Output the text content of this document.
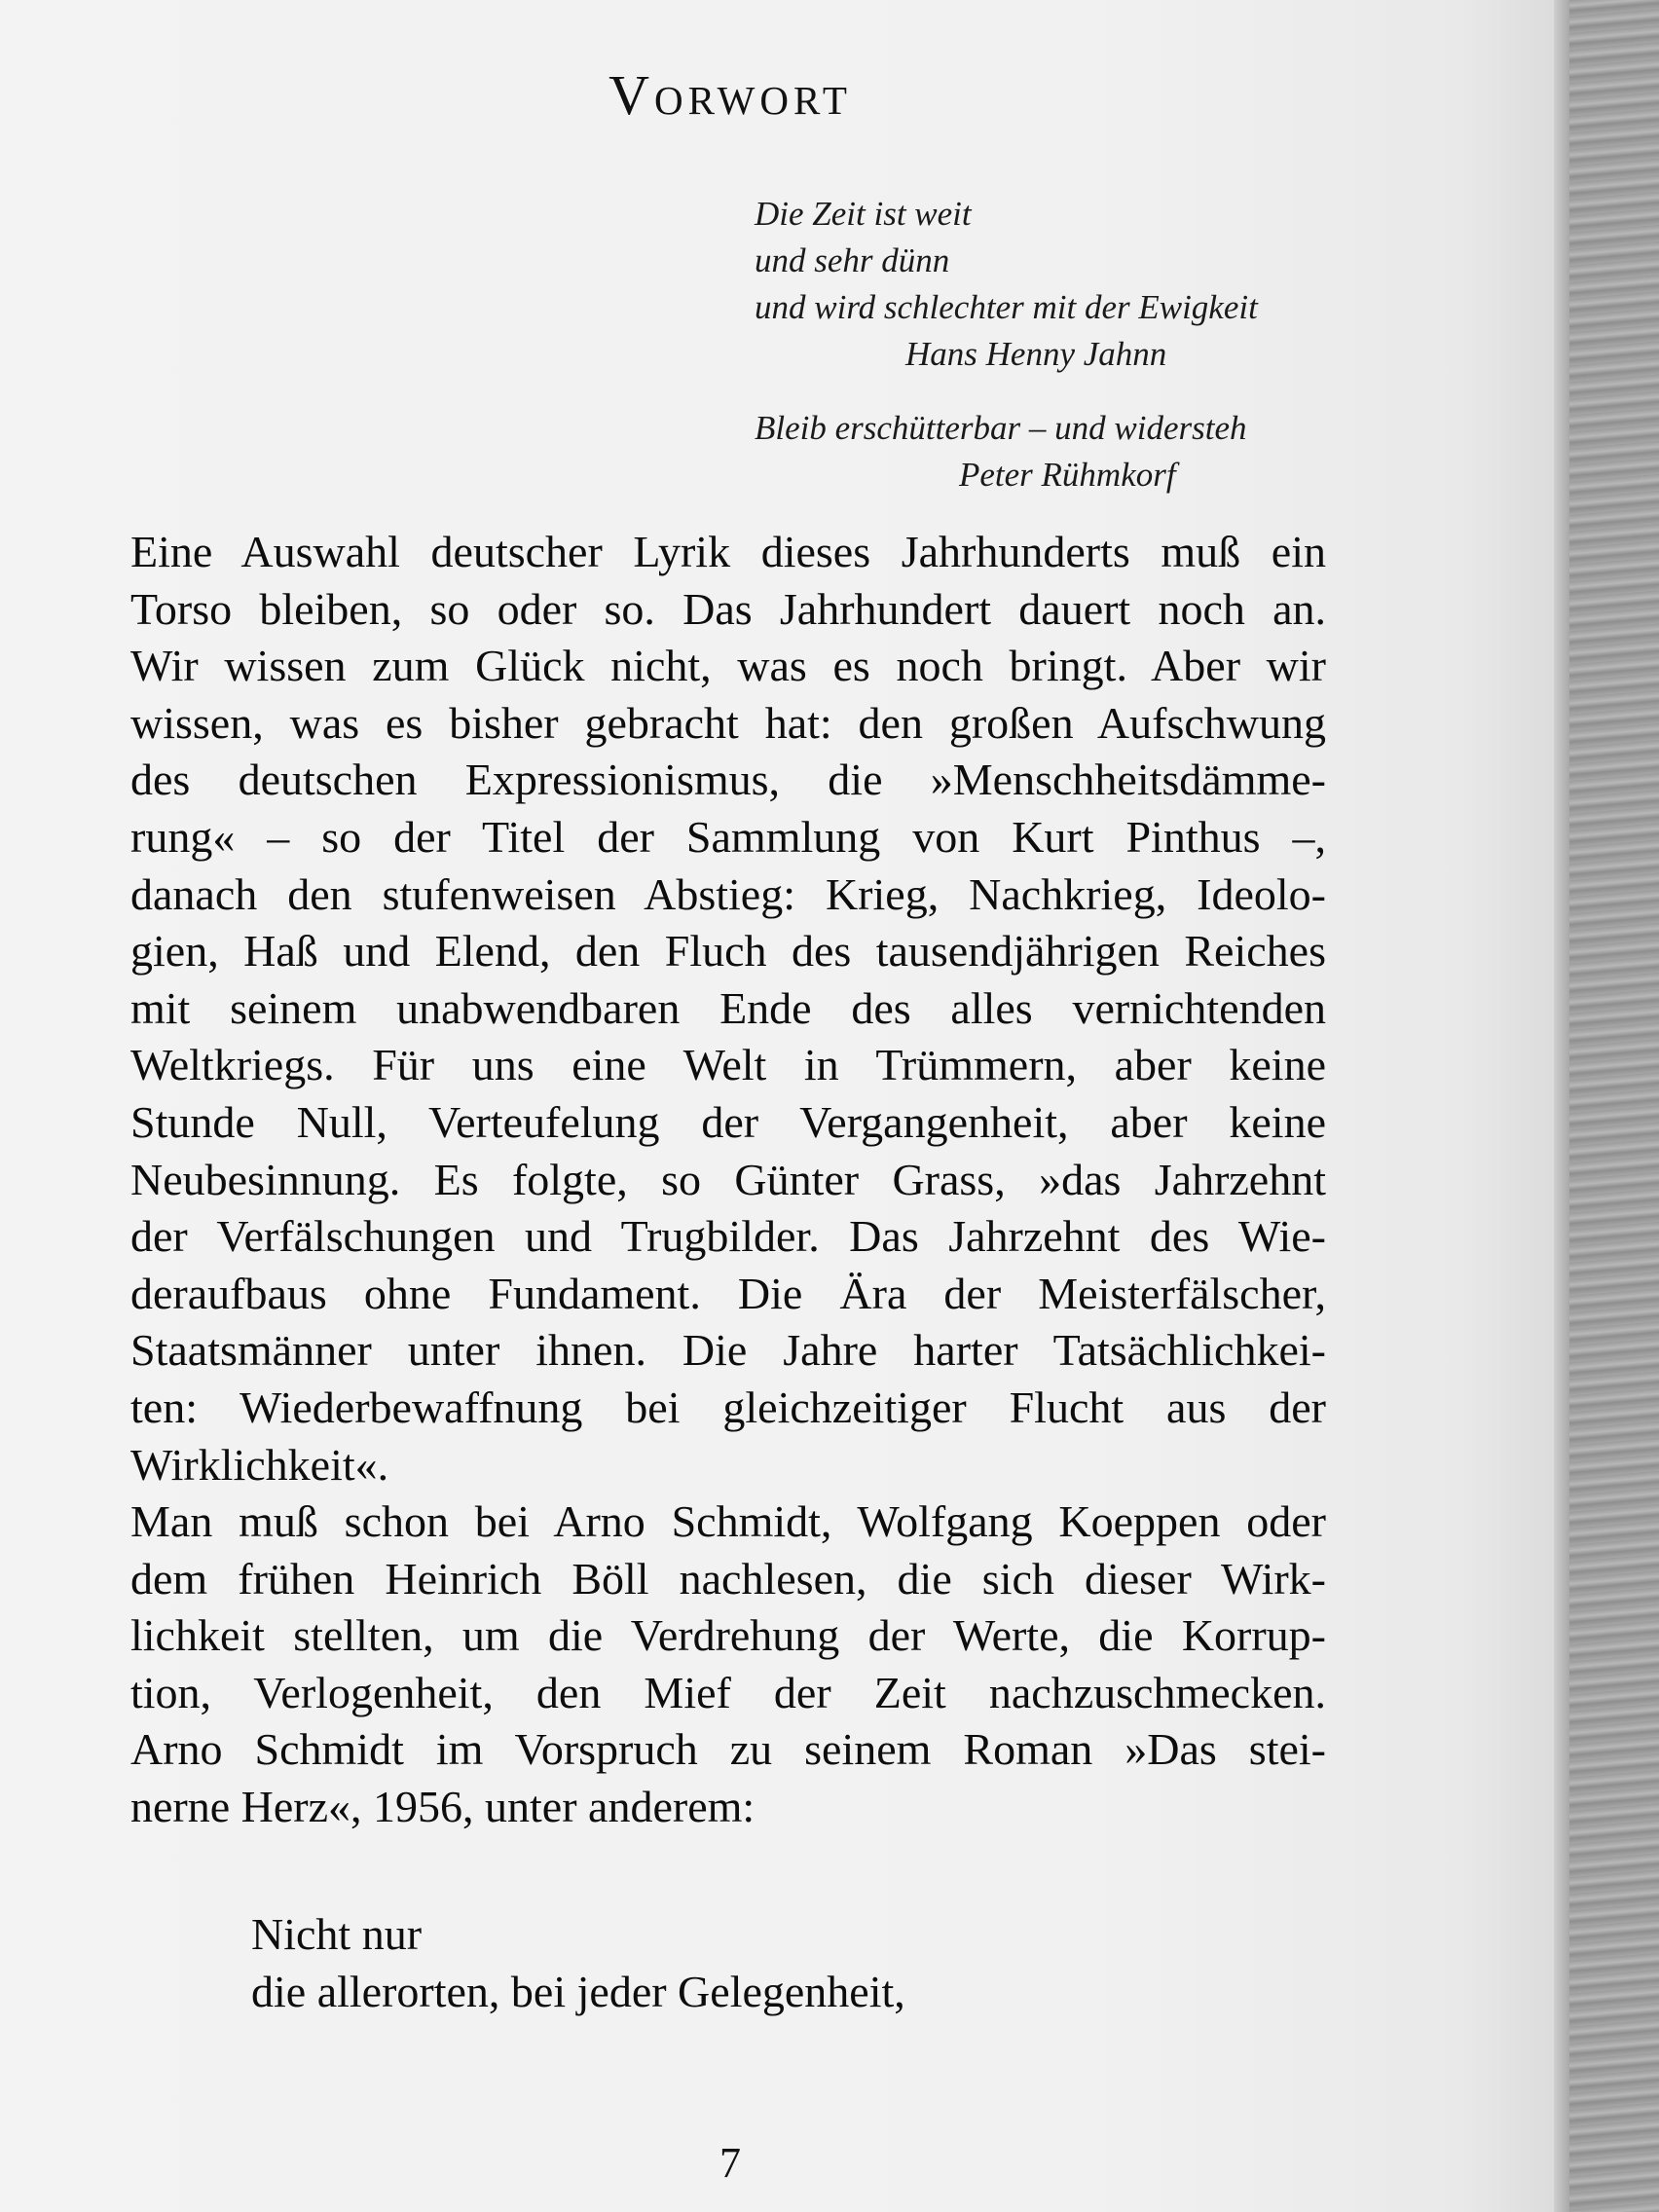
Vorwort
Die Zeit ist weit
und sehr dünn
und wird schlechter mit der Ewigkeit
Hans Henny Jahnn
Bleib erschütterbar – und widersteh
Peter Rühmkorf
Eine Auswahl deutscher Lyrik dieses Jahrhunderts muß ein
Torso bleiben, so oder so. Das Jahrhundert dauert noch an.
Wir wissen zum Glück nicht, was es noch bringt. Aber wir
wissen, was es bisher gebracht hat: den großen Aufschwung
des deutschen Expressionismus, die »Menschheitsdämme-
rung« – so der Titel der Sammlung von Kurt Pinthus –,
danach den stufenweisen Abstieg: Krieg, Nachkrieg, Ideolo-
gien, Haß und Elend, den Fluch des tausendjährigen Reiches
mit seinem unabwendbaren Ende des alles vernichtenden
Weltkriegs. Für uns eine Welt in Trümmern, aber keine
Stunde Null, Verteufelung der Vergangenheit, aber keine
Neubesinnung. Es folgte, so Günter Grass, »das Jahrzehnt
der Verfälschungen und Trugbilder. Das Jahrzehnt des Wie-
deraufbaus ohne Fundament. Die Ära der Meisterfälscher,
Staatsmänner unter ihnen. Die Jahre harter Tatsächlichkei-
ten: Wiederbewaffnung bei gleichzeitiger Flucht aus der
Wirklichkeit«.
Man muß schon bei Arno Schmidt, Wolfgang Koeppen oder
dem frühen Heinrich Böll nachlesen, die sich dieser Wirk-
lichkeit stellten, um die Verdrehung der Werte, die Korrup-
tion, Verlogenheit, den Mief der Zeit nachzuschmecken.
Arno Schmidt im Vorspruch zu seinem Roman »Das stei-
nerne Herz«, 1956, unter anderem:
Nicht nur
die allerorten, bei jeder Gelegenheit,
7
